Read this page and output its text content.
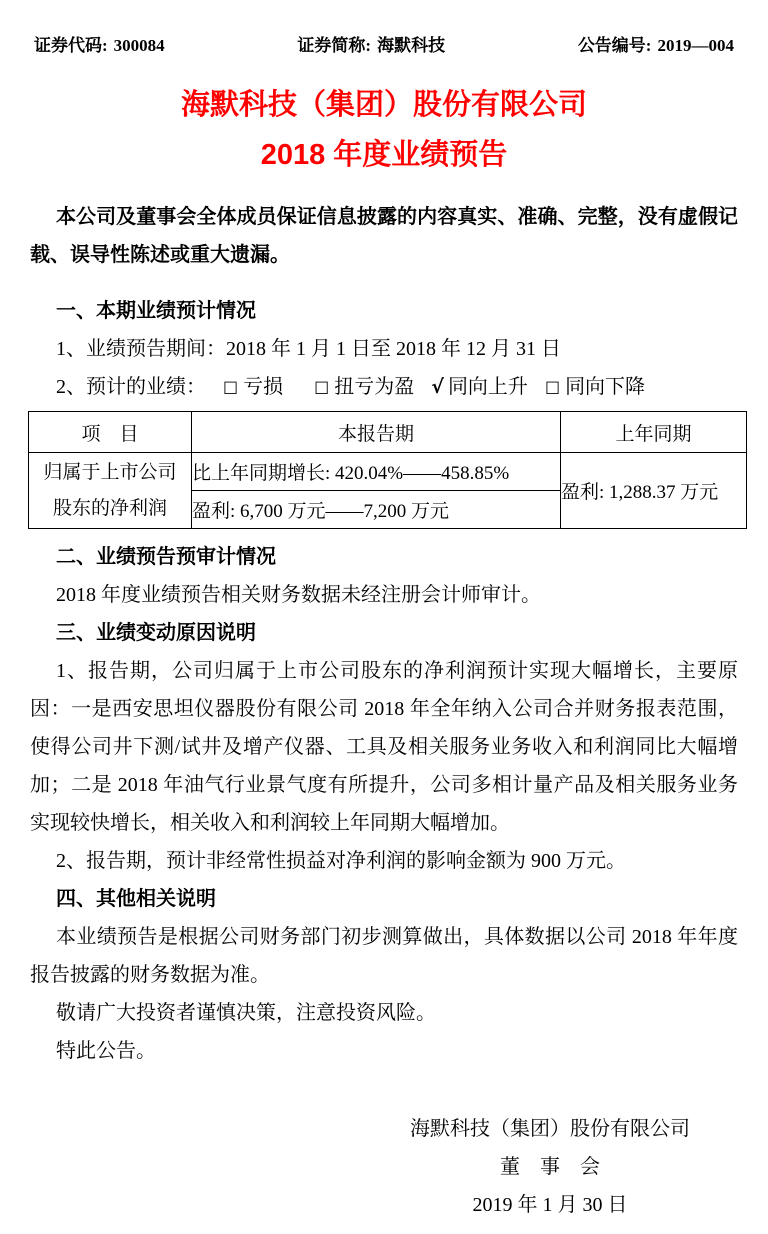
证券代码: 300084	证券简称: 海默科技	公告编号: 2019—004
海默科技（集团）股份有限公司
2018 年度业绩预告

本公司及董事会全体成员保证信息披露的内容真实、准确、完整，没有虚假记载、误导性陈述或重大遗漏。

一、本期业绩预计情况

1、业绩预告期间：2018 年 1 月 1 日至 2018 年 12 月 31 日

2、预计的业绩： □ 亏损 □ 扭亏为盈 √ 同向上升 □ 同向下降

项　目	本报告期	上年同期

归属于上市公司
股东的净利润	比上年同期增长: 420.04%——458.85%	盈利: 1,288.37 万元
	盈利: 6,700 万元——7,200 万元	

二、业绩预告预审计情况

2018 年度业绩预告相关财务数据未经注册会计师审计。

三、业绩变动原因说明

1、报告期，公司归属于上市公司股东的净利润预计实现大幅增长，主要原因：一是西安思坦仪器股份有限公司 2018 年全年纳入公司合并财务报表范围，使得公司井下测/试井及增产仪器、工具及相关服务业务收入和利润同比大幅增加；二是 2018 年油气行业景气度有所提升，公司多相计量产品及相关服务业务实现较快增长，相关收入和利润较上年同期大幅增加。

2、报告期，预计非经常性损益对净利润的影响金额为 900 万元。

四、其他相关说明

本业绩预告是根据公司财务部门初步测算做出，具体数据以公司 2018 年年度报告披露的财务数据为准。

敬请广大投资者谨慎决策，注意投资风险。

特此公告。

海默科技（集团）股份有限公司
董　事　会
2019 年 1 月 30 日
